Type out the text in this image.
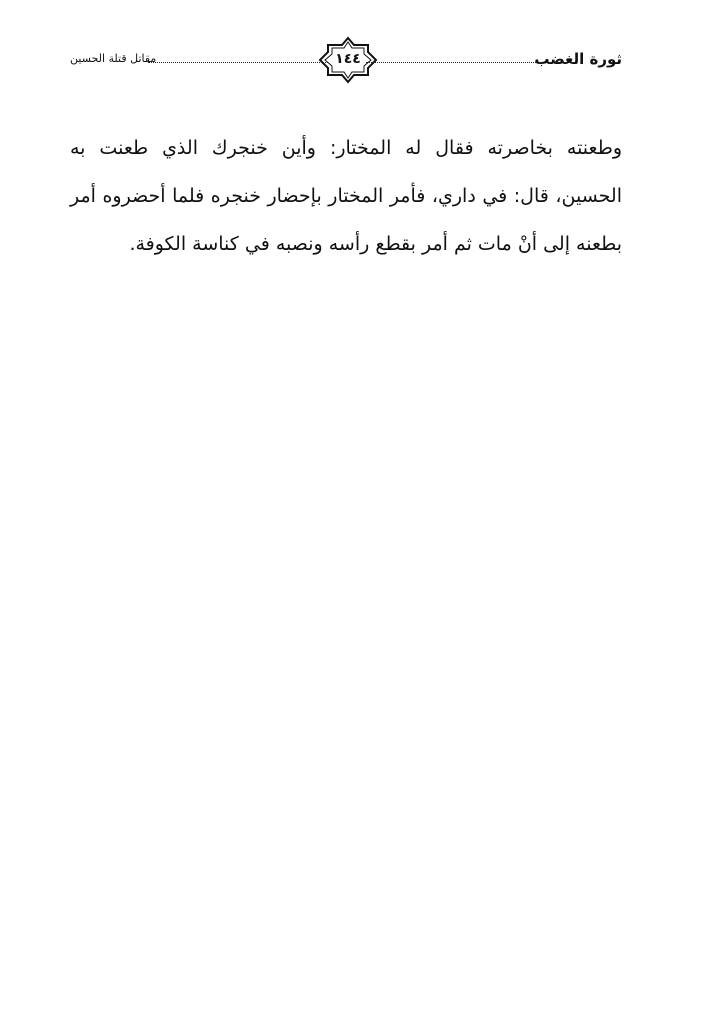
ثورة الغضب
١٤٤
مقاتل قتلة الحسين
وطعنته بخاصرته فقال له المختار: وأين خنجرك الذي طعنت به الحسين، قال: في داري، فأمر المختار بإحضار خنجره فلما أحضروه أمر بطعنه إلى أنْ مات ثم أمر بقطع رأسه ونصبه في كناسة الكوفة.
